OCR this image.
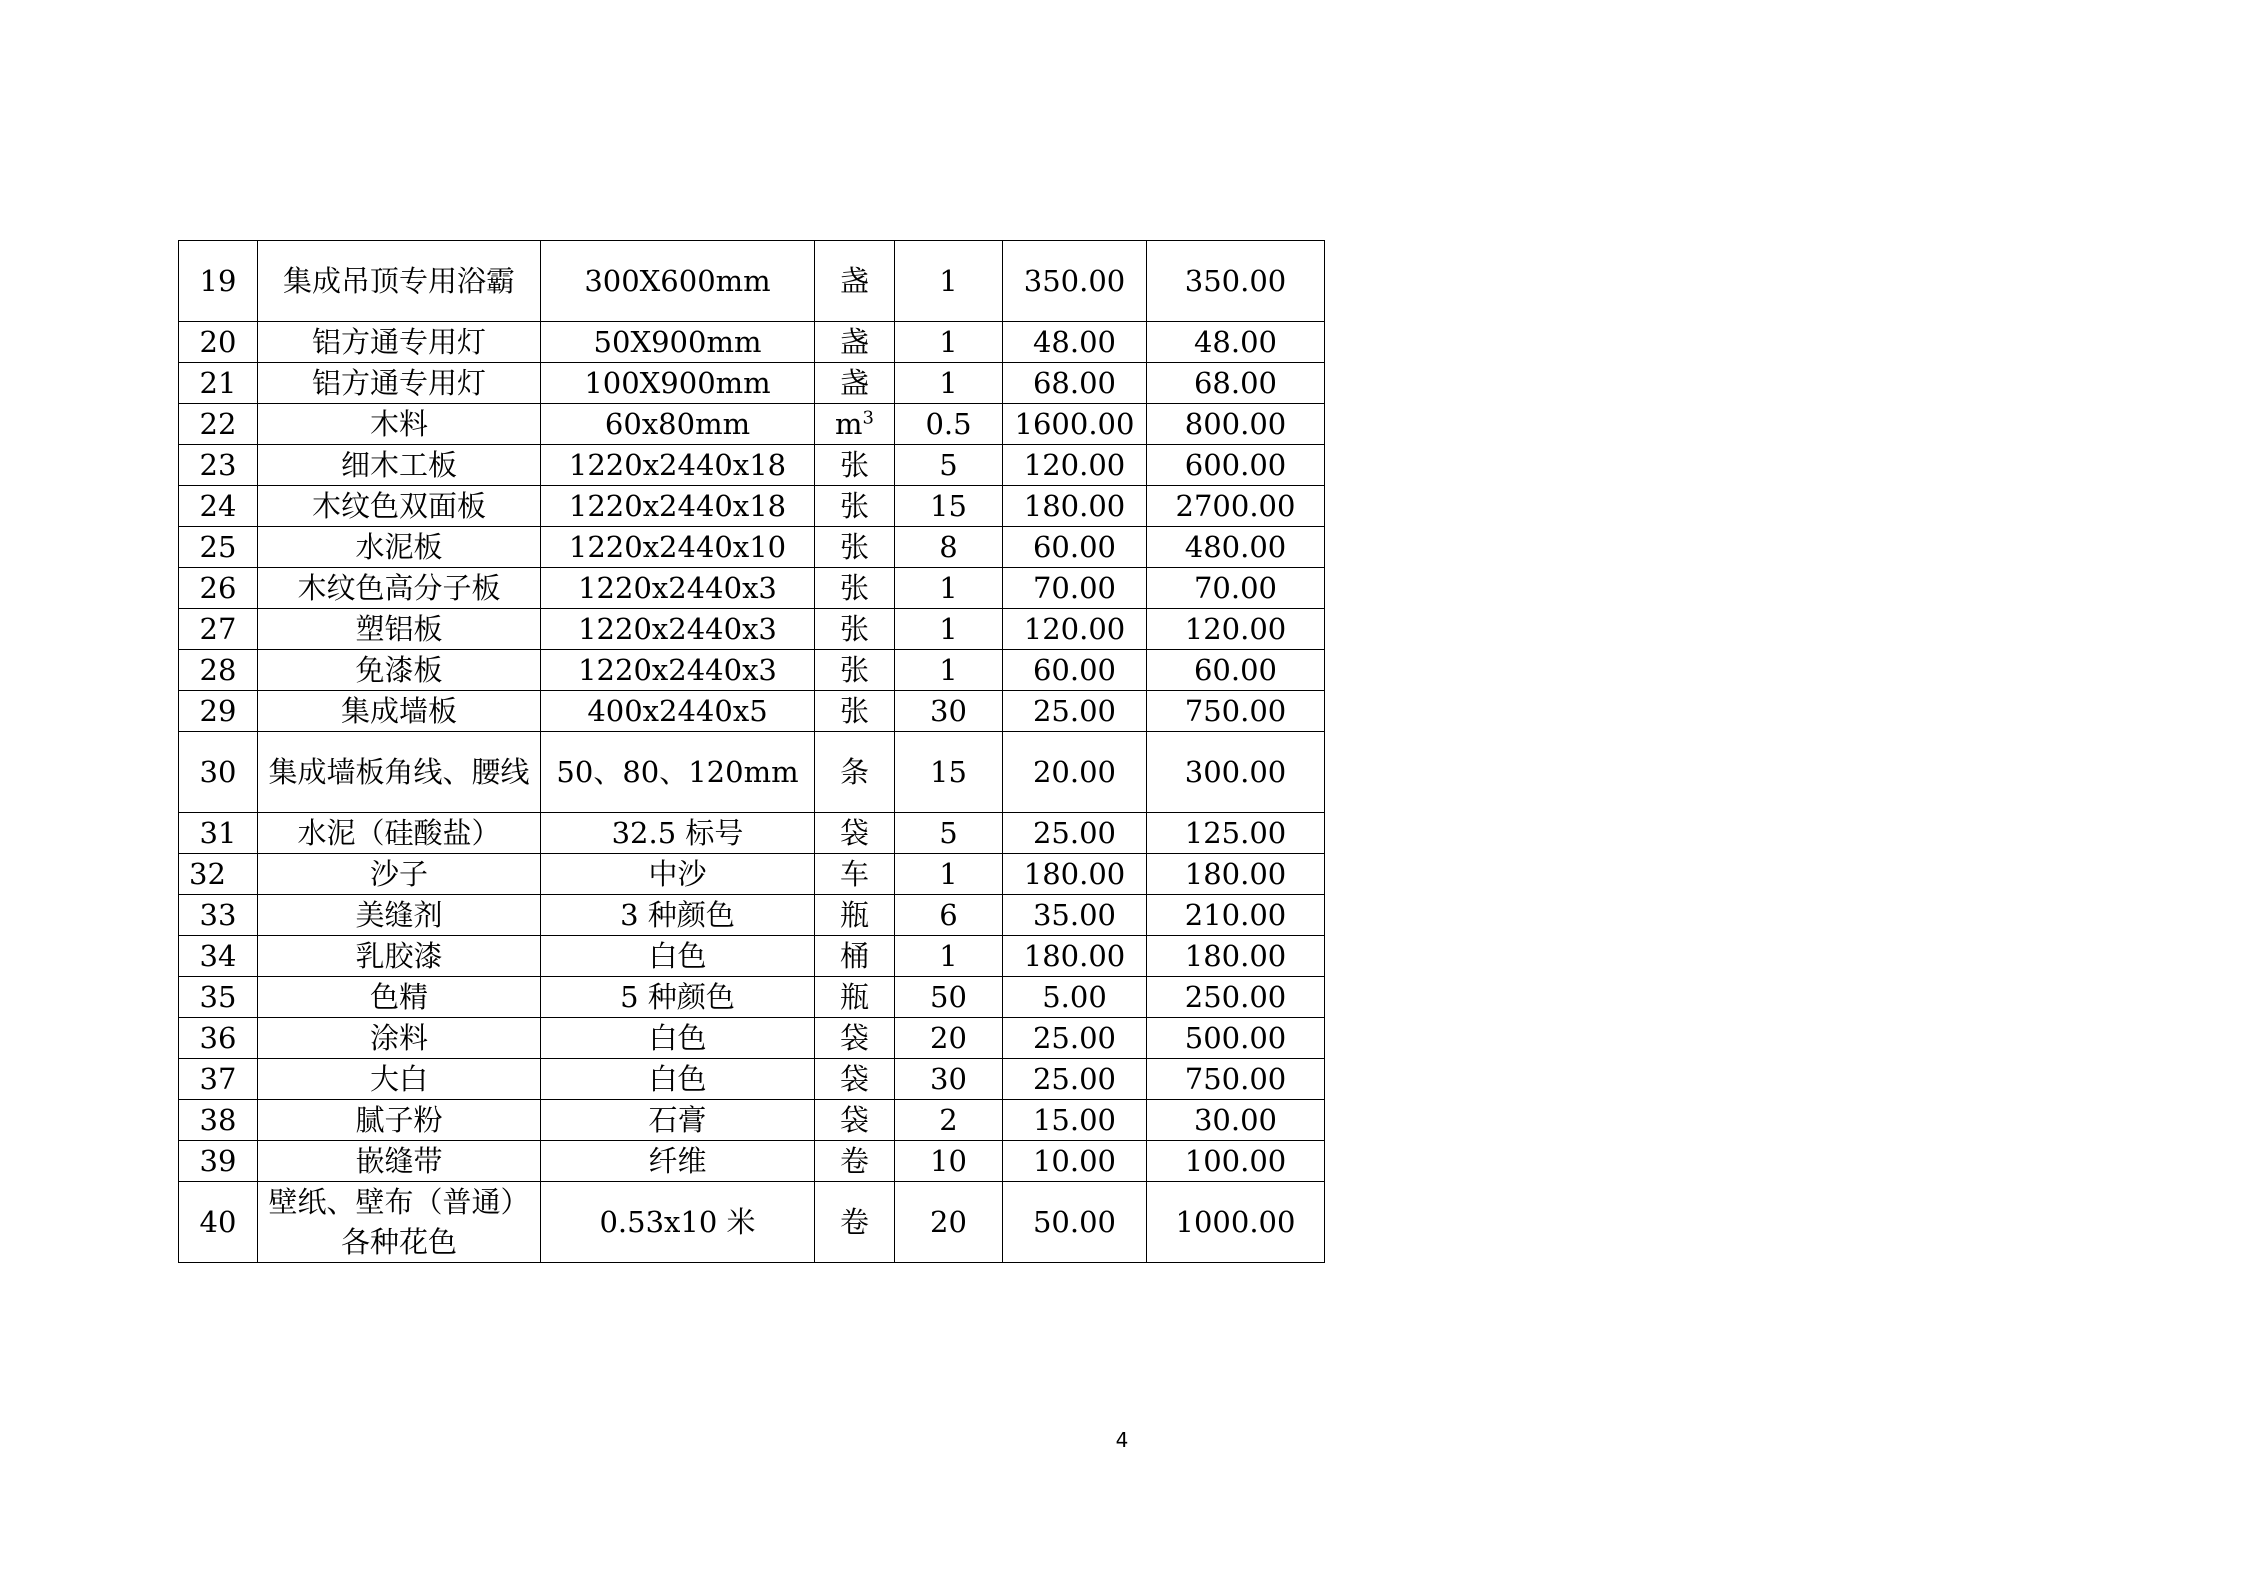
19	集成吊顶专用浴霸	300X600mm	盏	1	350.00	350.00
20	铝方通专用灯	50X900mm	盏	1	48.00	48.00
21	铝方通专用灯	100X900mm	盏	1	68.00	68.00
22	木料	60x80mm	$m^3$	0.5	1600.00	800.00
23	细木工板	1220x2440x18	张	5	120.00	600.00
24	木纹色双面板	1220x2440x18	张	15	180.00	2700.00
25	水泥板	1220x2440x10	张	8	60.00	480.00
26	木纹色高分子板	1220x2440x3	张	1	70.00	70.00
27	塑铝板	1220x2440x3	张	1	120.00	120.00
28	免漆板	1220x2440x3	张	1	60.00	60.00
29	集成墙板	400x2440x5	张	30	25.00	750.00
30	集成墙板角线、腰线	50、80、120mm	条	15	20.00	300.00
31	水泥（硅酸盐）	32.5 标号	袋	5	25.00	125.00
32	沙子	中沙	车	1	180.00	180.00
33	美缝剂	3 种颜色	瓶	6	35.00	210.00
34	乳胶漆	白色	桶	1	180.00	180.00
35	色精	5 种颜色	瓶	50	5.00	250.00
36	涂料	白色	袋	20	25.00	500.00
37	大白	白色	袋	30	25.00	750.00
38	腻子粉	石膏	袋	2	15.00	30.00
39	嵌缝带	纤维	卷	10	10.00	100.00
40	壁纸、壁布（普通）各种花色	0.53x10 米	卷	20	50.00	1000.00
4
